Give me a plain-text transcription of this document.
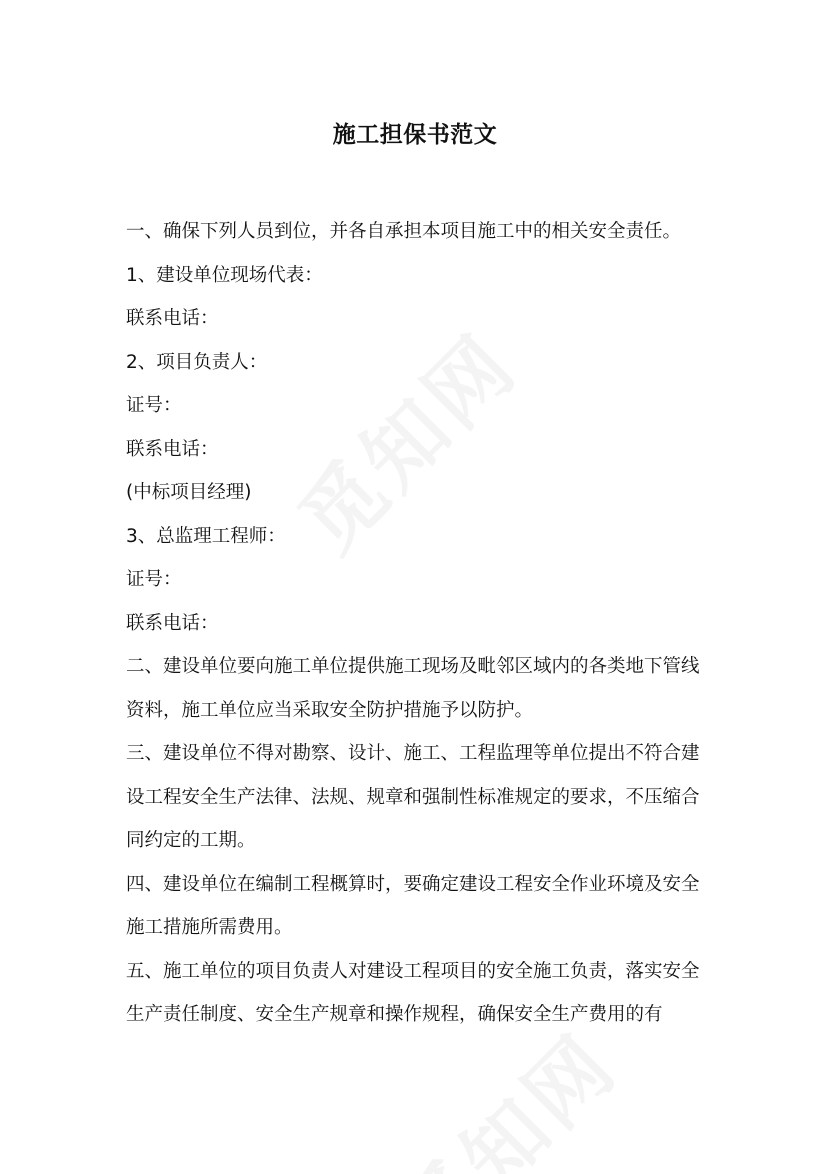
施工担保书范文

一、确保下列人员到位，并各自承担本项目施工中的相关安全责任。

1、建设单位现场代表：

联系电话：

2、项目负责人：

证号：

联系电话：

(中标项目经理)

3、总监理工程师：

证号：

联系电话：

二、建设单位要向施工单位提供施工现场及毗邻区域内的各类地下管线资料，施工单位应当采取安全防护措施予以防护。

三、建设单位不得对勘察、设计、施工、工程监理等单位提出不符合建设工程安全生产法律、法规、规章和强制性标准规定的要求，不压缩合同约定的工期。

四、建设单位在编制工程概算时，要确定建设工程安全作业环境及安全施工措施所需费用。

五、施工单位的项目负责人对建设工程项目的安全施工负责，落实安全生产责任制度、安全生产规章和操作规程，确保安全生产费用的有
